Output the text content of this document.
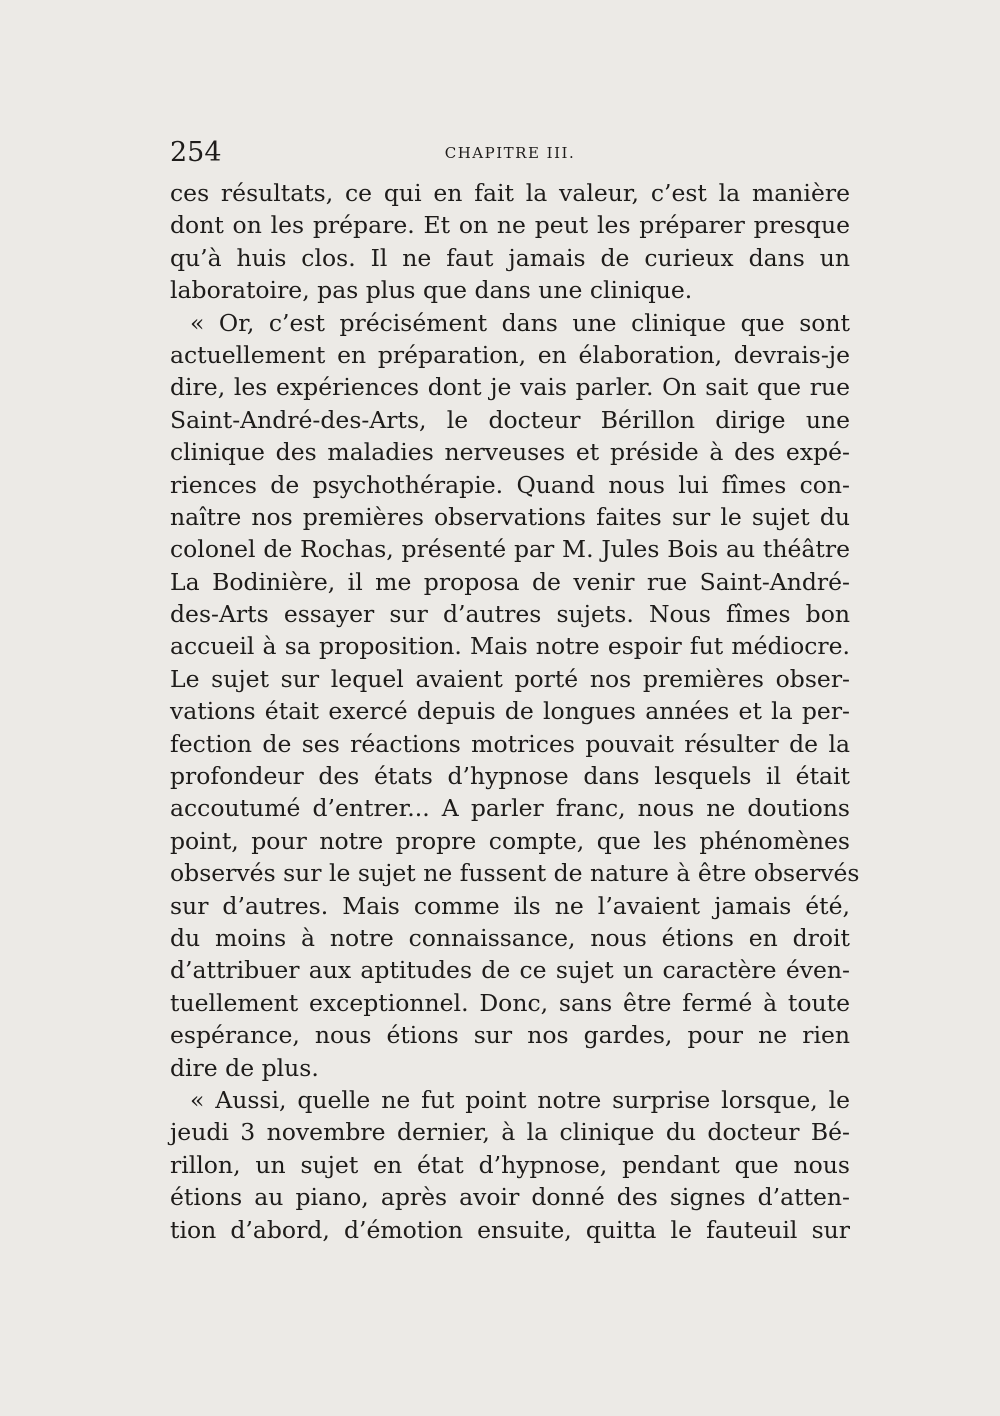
254	CHAPITRE III.
ces résultats, ce qui en fait la valeur, c’est la manière
dont on les prépare. Et on ne peut les préparer presque
qu’à huis clos. Il ne faut jamais de curieux dans un
laboratoire, pas plus que dans une clinique.
« Or, c’est précisément dans une clinique que sont
actuellement en préparation, en élaboration, devrais-je
dire, les expériences dont je vais parler. On sait que rue
Saint-André-des-Arts, le docteur Bérillon dirige une
clinique des maladies nerveuses et préside à des expé-
riences de psychothérapie. Quand nous lui fîmes con-
naître nos premières observations faites sur le sujet du
colonel de Rochas, présenté par M. Jules Bois au théâtre
La Bodinière, il me proposa de venir rue Saint-André-
des-Arts essayer sur d’autres sujets. Nous fîmes bon
accueil à sa proposition. Mais notre espoir fut médiocre.
Le sujet sur lequel avaient porté nos premières obser-
vations était exercé depuis de longues années et la per-
fection de ses réactions motrices pouvait résulter de la
profondeur des états d’hypnose dans lesquels il était
accoutumé d’entrer... A parler franc, nous ne doutions
point, pour notre propre compte, que les phénomènes
observés sur le sujet ne fussent de nature à être observés
sur d’autres. Mais comme ils ne l’avaient jamais été,
du moins à notre connaissance, nous étions en droit
d’attribuer aux aptitudes de ce sujet un caractère éven-
tuellement exceptionnel. Donc, sans être fermé à toute
espérance, nous étions sur nos gardes, pour ne rien
dire de plus.
« Aussi, quelle ne fut point notre surprise lorsque, le
jeudi 3 novembre dernier, à la clinique du docteur Bé-
rillon, un sujet en état d’hypnose, pendant que nous
étions au piano, après avoir donné des signes d’atten-
tion d’abord, d’émotion ensuite, quitta le fauteuil sur
